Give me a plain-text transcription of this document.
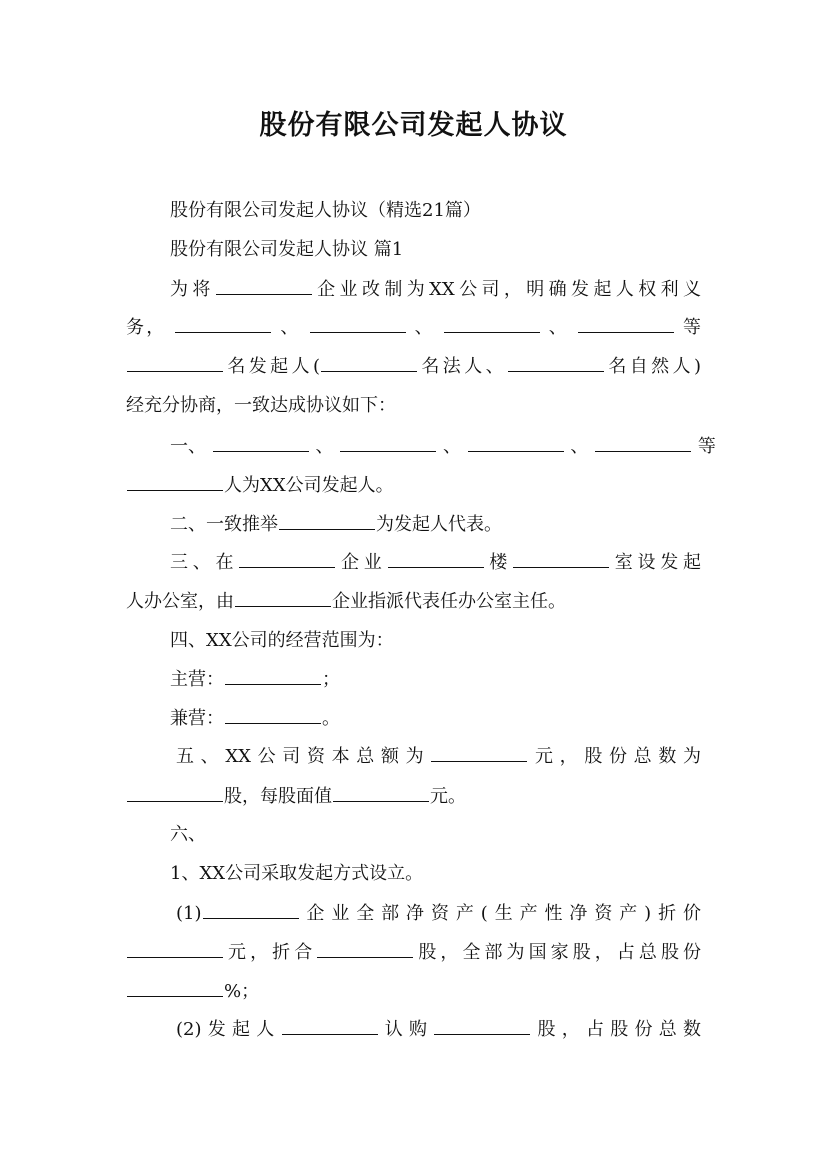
股份有限公司发起人协议
股份有限公司发起人协议（精选21篇）
股份有限公司发起人协议 篇1
为将	企业改制为XX公司，明确发起人权利义
务，	、	、	、	等
名发起人(	名法人、	名自然人)
经充分协商，一致达成协议如下：
一、	、	、	、	等
人为XX公司发起人。
二、一致推举	为发起人代表。
三、在	企业	楼	室设发起
人办公室，由	企业指派代表任办公室主任。
四、XX公司的经营范围为：
主营：	；
兼营：	。
五、XX公司资本总额为	元，股份总数为
股，每股面值	元。
六、
1、XX公司采取发起方式设立。
(1)	企业全部净资产(生产性净资产)折价
元，折合	股，全部为国家股，占总股份
%；
(2)发起人	认购	股，占股份总数
